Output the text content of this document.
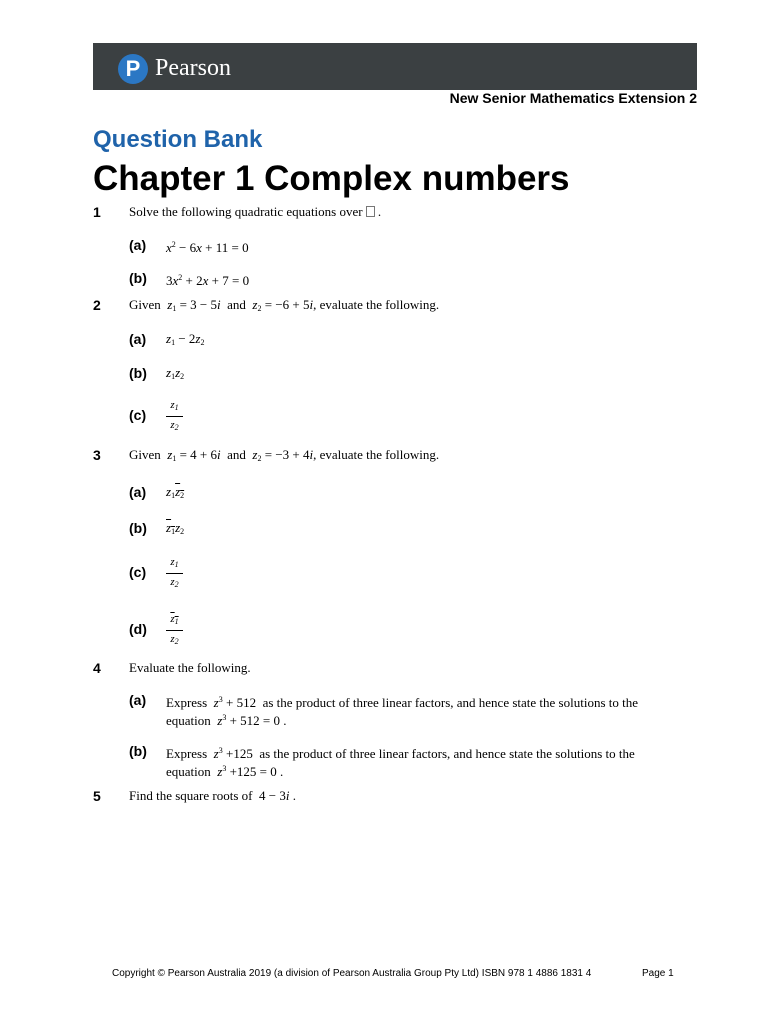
P Pearson
New Senior Mathematics Extension 2
Question Bank
Chapter 1 Complex numbers
1 Solve the following quadratic equations over .
(a) $x^2 - 6x + 11 = 0$
(b) $3x^2 + 2x + 7 = 0$
2 Given $z_1 = 3 - 5i$ and $z_2 = -6 + 5i$, evaluate the following.
(a) $z_1 - 2z_2$
(b) $z_1z_2$
(c)
$z_1$
$z_2$
3 Given $z_1 = 4 + 6i$ and $z_2 = -3 + 4i$, evaluate the following.
(a) $z_1z_2$
(b) $z_1z_2$
(c)
$z_1$
$z_2$
(d)
$z_1$
$z_2$
4 Evaluate the following.
(a) Express $z^3 + 512$  as the product of three linear factors, and hence state the solutions to the
equation $z^3 + 512 = 0$ .
(b) Express $z^3 +125$  as the product of three linear factors, and hence state the solutions to the
equation $z^3 +125 = 0$ .
5 Find the square roots of  4 − 3i .
Copyright © Pearson Australia 2019 (a division of Pearson Australia Group Pty Ltd) ISBN 978 1 4886 1831 4	Page 1
